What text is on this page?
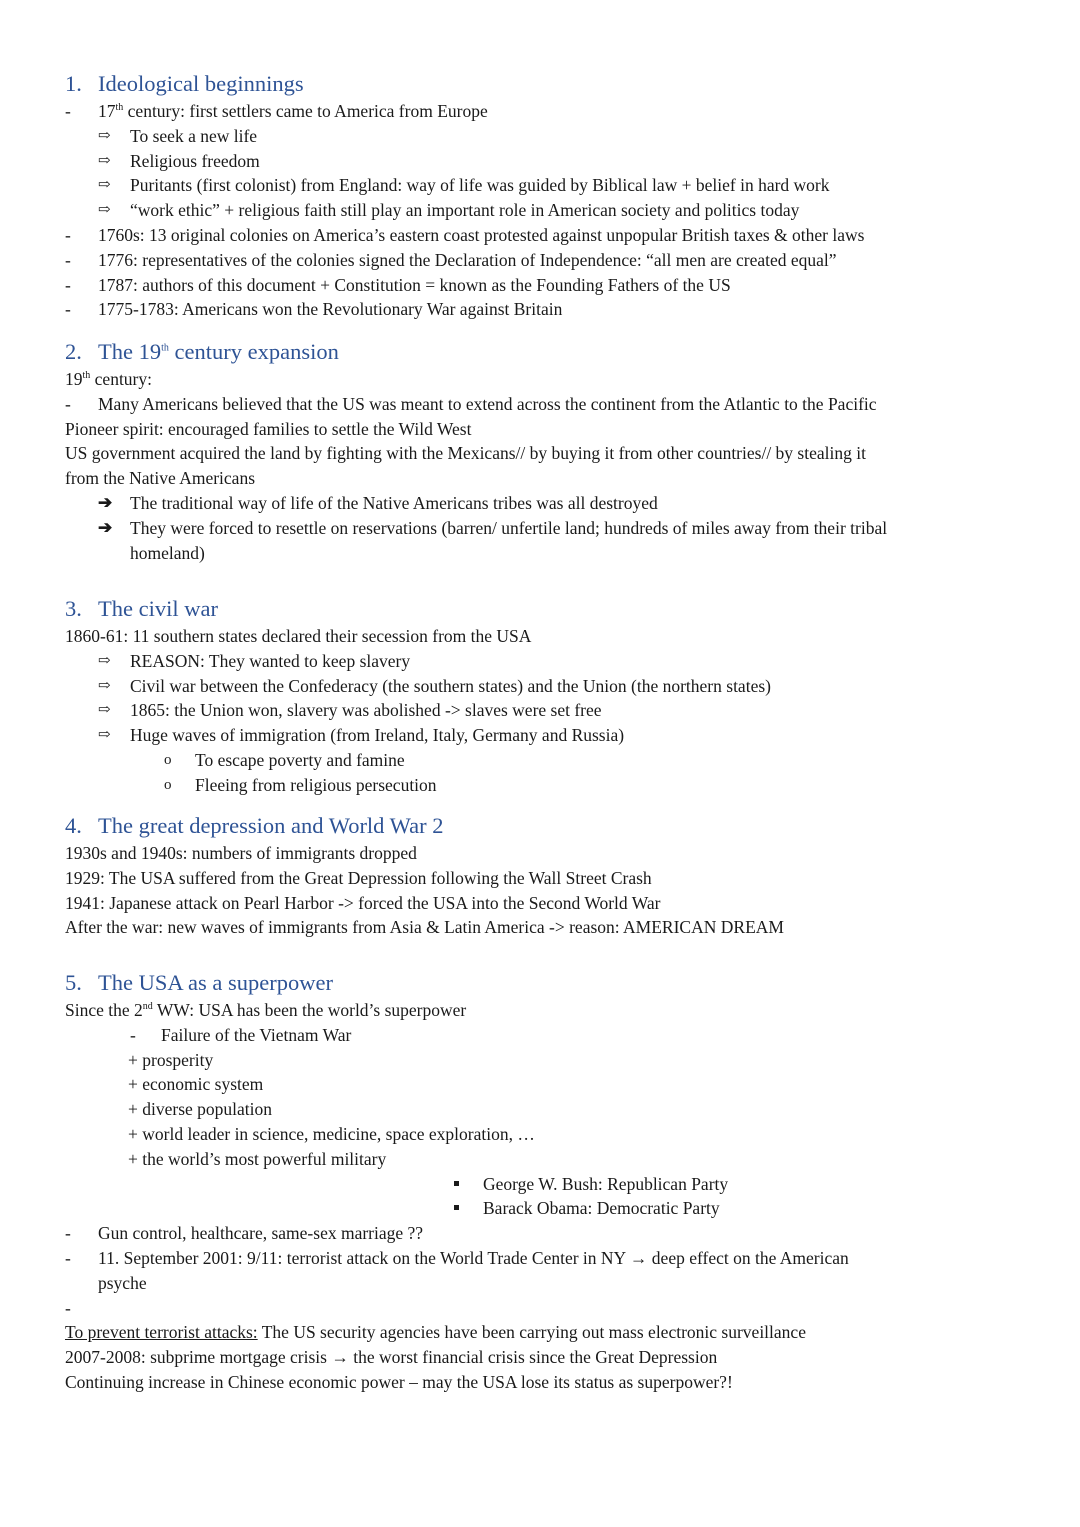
1. Ideological beginnings
- 17th century: first settlers came to America from Europe
⇨ To seek a new life
⇨ Religious freedom
⇨ Puritants (first colonist) from England: way of life was guided by Biblical law + belief in hard work
⇨ “work ethic” + religious faith still play an important role in American society and politics today
- 1760s: 13 original colonies on America’s eastern coast protested against unpopular British taxes & other laws
- 1776: representatives of the colonies signed the Declaration of Independence: “all men are created equal”
- 1787: authors of this document + Constitution = known as the Founding Fathers of the US
- 1775-1783: Americans won the Revolutionary War against Britain
2. The 19th century expansion
19th century:
- Many Americans believed that the US was meant to extend across the continent from the Atlantic to the Pacific
Pioneer spirit: encouraged families to settle the Wild West
US government acquired the land by fighting with the Mexicans// by buying it from other countries// by stealing it
from the Native Americans
➔ The traditional way of life of the Native Americans tribes was all destroyed
➔ They were forced to resettle on reservations (barren/ unfertile land; hundreds of miles away from their tribal
homeland)
3. The civil war
1860-61: 11 southern states declared their secession from the USA
⇨ REASON: They wanted to keep slavery
⇨ Civil war between the Confederacy (the southern states) and the Union (the northern states)
⇨ 1865: the Union won, slavery was abolished -> slaves were set free
⇨ Huge waves of immigration (from Ireland, Italy, Germany and Russia)
o To escape poverty and famine
o Fleeing from religious persecution
4. The great depression and World War 2
1930s and 1940s: numbers of immigrants dropped
1929: The USA suffered from the Great Depression following the Wall Street Crash
1941: Japanese attack on Pearl Harbor -> forced the USA into the Second World War
After the war: new waves of immigrants from Asia & Latin America -> reason: AMERICAN DREAM
5. The USA as a superpower
Since the 2nd WW: USA has been the world’s superpower
- Failure of the Vietnam War
+ prosperity
+ economic system
+ diverse population
+ world leader in science, medicine, space exploration, …
+ the world’s most powerful military
George W. Bush: Republican Party
Barack Obama: Democratic Party
- Gun control, healthcare, same-sex marriage ??
- 11. September 2001: 9/11: terrorist attack on the World Trade Center in NY → deep effect on the American
psyche
-
To prevent terrorist attacks: The US security agencies have been carrying out mass electronic surveillance
2007-2008: subprime mortgage crisis → the worst financial crisis since the Great Depression
Continuing increase in Chinese economic power – may the USA lose its status as superpower?!
